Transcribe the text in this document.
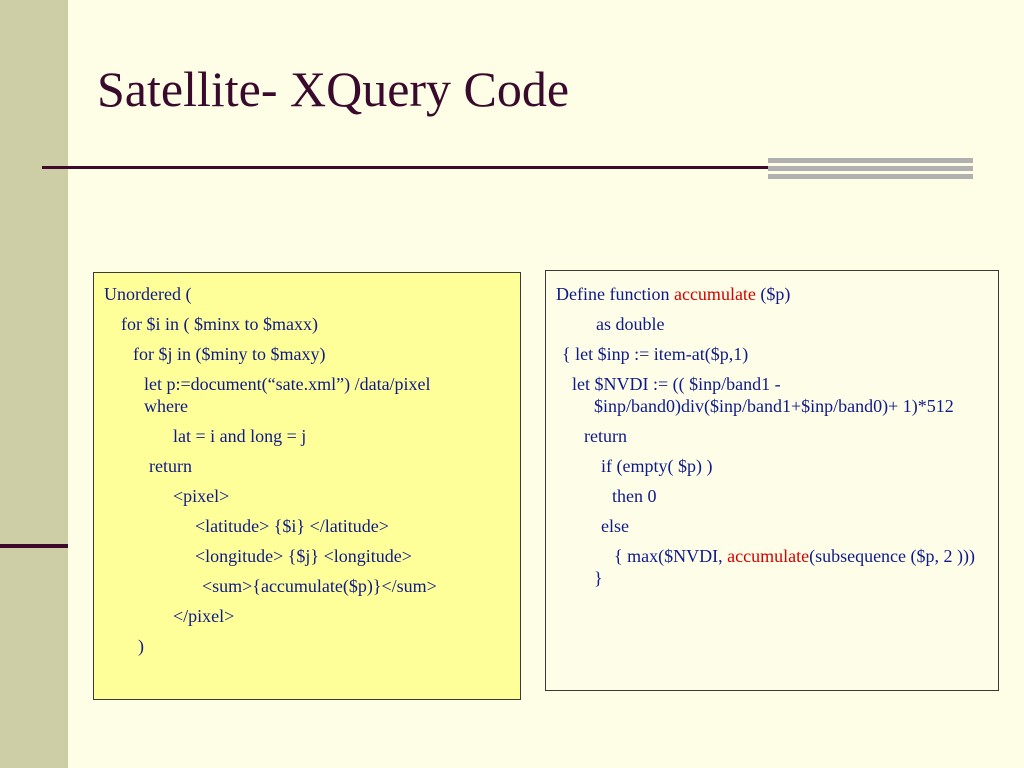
Satellite- XQuery Code
Unordered (
for $i in ( $minx to $maxx)
for $j in ($miny to $maxy)
let p:=document(“sate.xml”) /data/pixel where
lat = i and long = j
return
<pixel>
<latitude> {$i} </latitude>
<longitude> {$j} <longitude>
<sum>{accumulate($p)}</sum>
</pixel>
)
Define function accumulate ($p)
as double
{ let $inp := item-at($p,1)
let $NVDI := (( $inp/band1 - $inp/band0)div($inp/band1+$inp/band0)+ 1)*512
return
if (empty( $p) )
then 0
else
{ max($NVDI, accumulate(subsequence ($p, 2 ))) }
